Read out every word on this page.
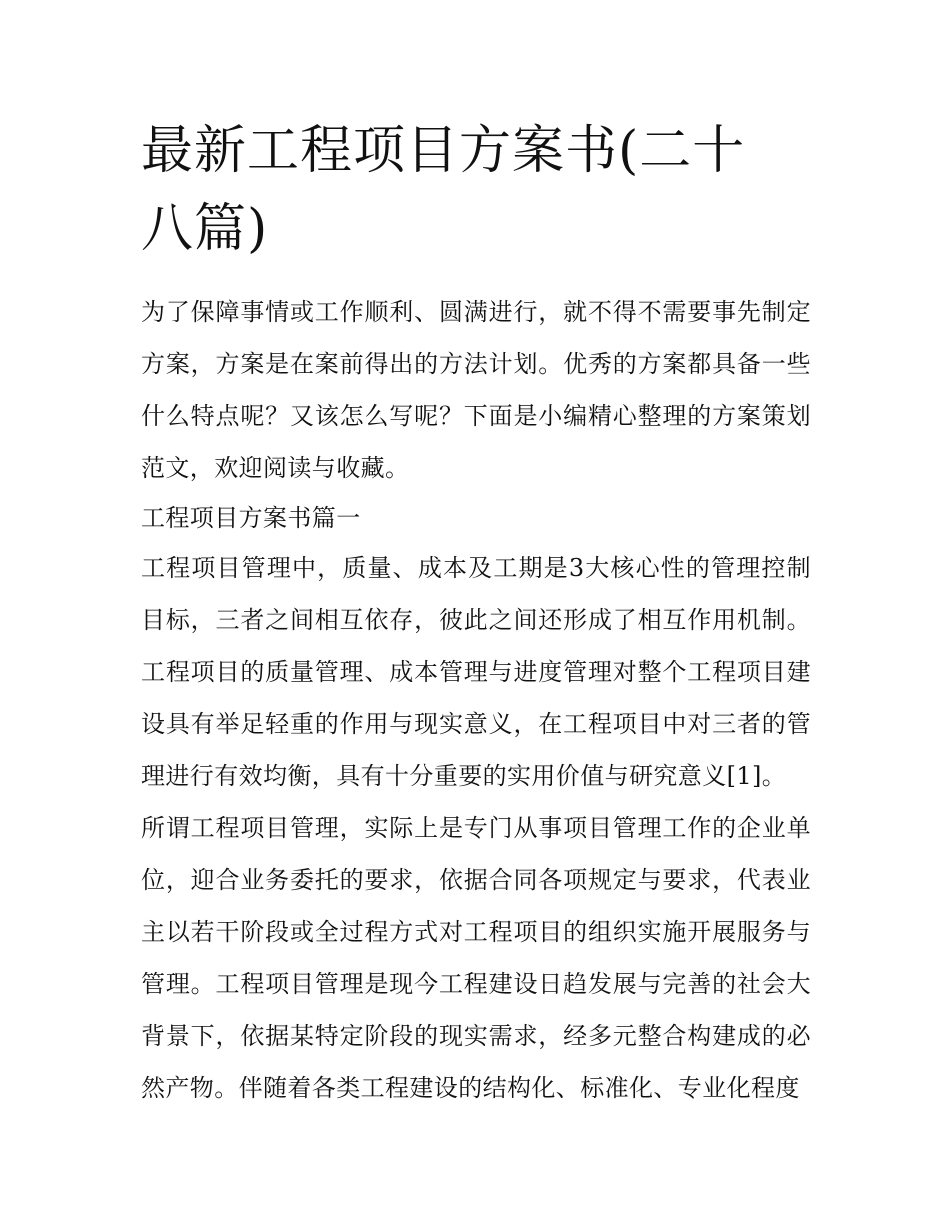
最新工程项目方案书(二十八篇)

为了保障事情或工作顺利、圆满进行，就不得不需要事先制定方案，方案是在案前得出的方法计划。优秀的方案都具备一些什么特点呢？又该怎么写呢？下面是小编精心整理的方案策划范文，欢迎阅读与收藏。

工程项目方案书篇一

工程项目管理中，质量、成本及工期是3大核心性的管理控制目标，三者之间相互依存，彼此之间还形成了相互作用机制。工程项目的质量管理、成本管理与进度管理对整个工程项目建设具有举足轻重的作用与现实意义，在工程项目中对三者的管理进行有效均衡，具有十分重要的实用价值与研究意义[1]。

所谓工程项目管理，实际上是专门从事项目管理工作的企业单位，迎合业务委托的要求，依据合同各项规定与要求，代表业主以若干阶段或全过程方式对工程项目的组织实施开展服务与管理。工程项目管理是现今工程建设日趋发展与完善的社会大背景下，依据某特定阶段的现实需求，经多元整合构建成的必然产物。伴随着各类工程建设的结构化、标准化、专业化程度
